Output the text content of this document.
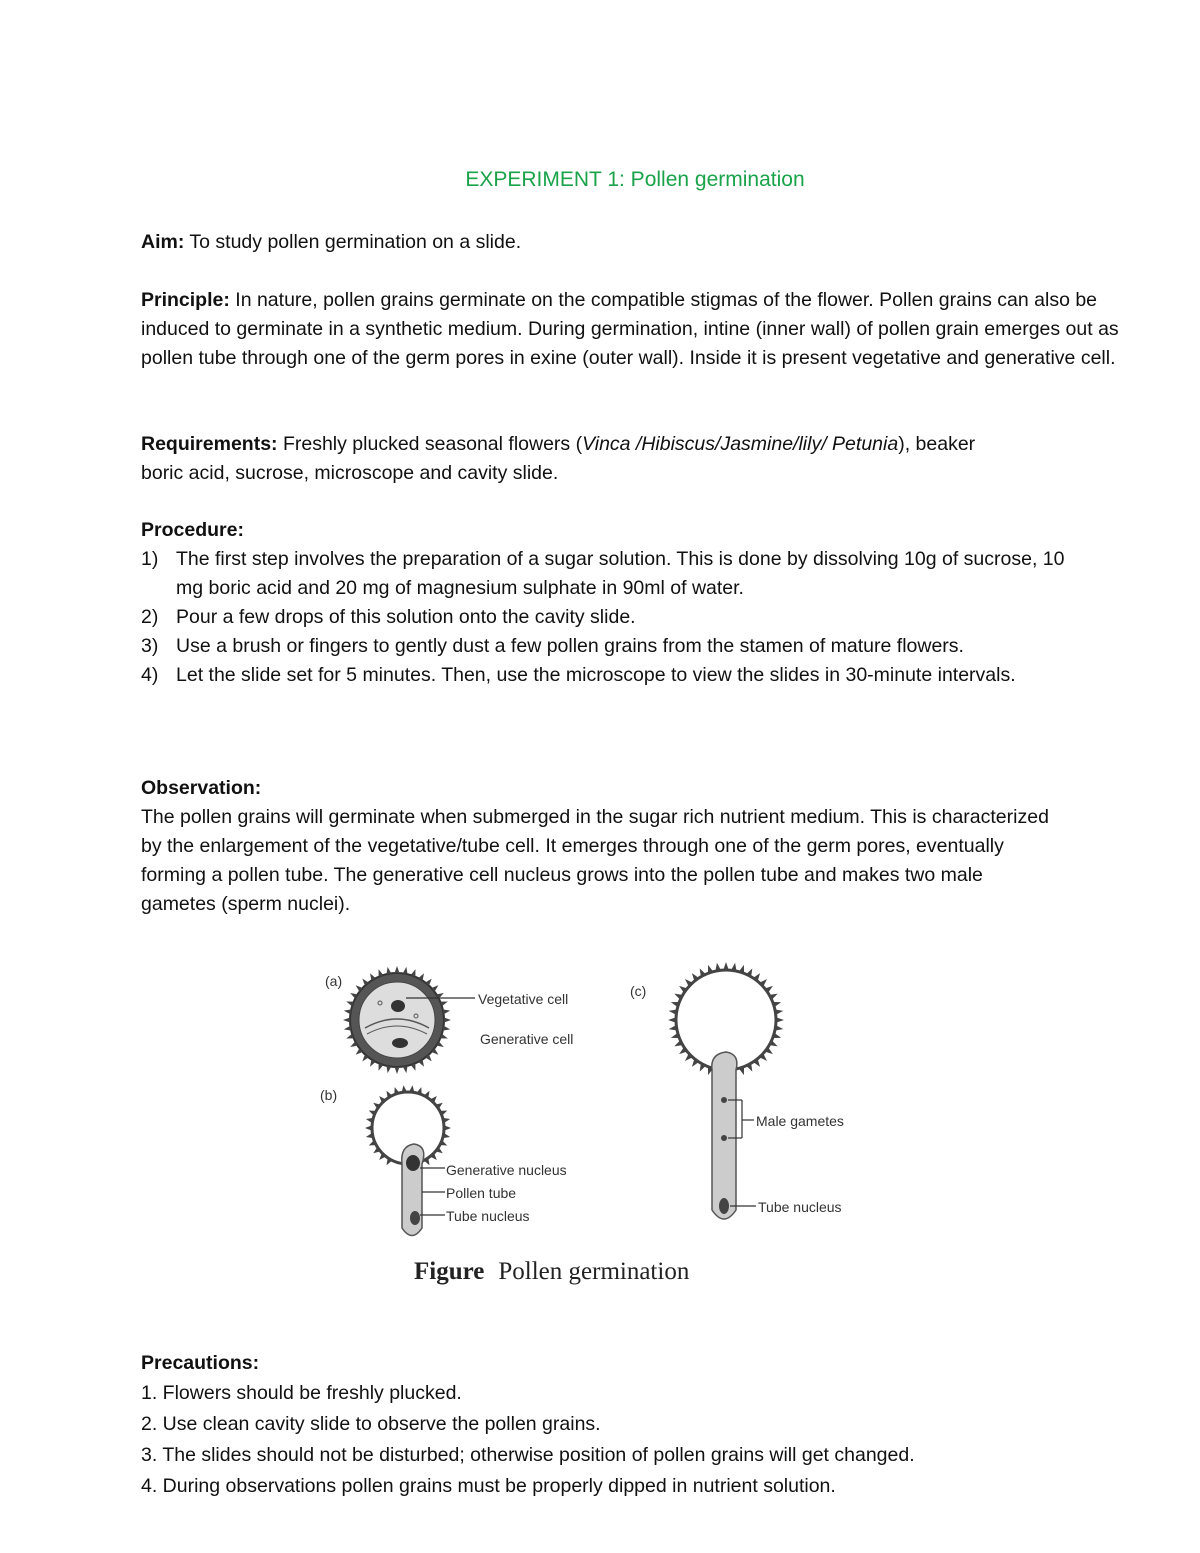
EXPERIMENT 1: Pollen germination
Aim: To study pollen germination on a slide.
Principle: In nature, pollen grains germinate on the compatible stigmas of the flower. Pollen grains can also be induced to germinate in a synthetic medium. During germination, intine (inner wall) of pollen grain emerges out as pollen tube through one of the germ pores in exine (outer wall). Inside it is present vegetative and generative cell.
Requirements: Freshly plucked seasonal flowers (Vinca /Hibiscus/Jasmine/lily/ Petunia), beaker
boric acid, sucrose, microscope and cavity slide.
Procedure:
1) The first step involves the preparation of a sugar solution. This is done by dissolving 10g of sucrose, 10 mg boric acid and 20 mg of magnesium sulphate in 90ml of water.
2) Pour a few drops of this solution onto the cavity slide.
3) Use a brush or fingers to gently dust a few pollen grains from the stamen of mature flowers.
4) Let the slide set for 5 minutes. Then, use the microscope to view the slides in 30-minute intervals.
Observation:
The pollen grains will germinate when submerged in the sugar rich nutrient medium. This is characterized by the enlargement of the vegetative/tube cell. It emerges through one of the germ pores, eventually forming a pollen tube. The generative cell nucleus grows into the pollen tube and makes two male gametes (sperm nuclei).
(a)
(b)
(c)
Vegetative cell
Generative cell
Generative nucleus
Pollen tube
Tube nucleus
Male gametes
Tube nucleus
Figure Pollen germination
Precautions:

1. Flowers should be freshly plucked.

2. Use clean cavity slide to observe the pollen grains.

3. The slides should not be disturbed; otherwise position of pollen grains will get changed.

4. During observations pollen grains must be properly dipped in nutrient solution.
